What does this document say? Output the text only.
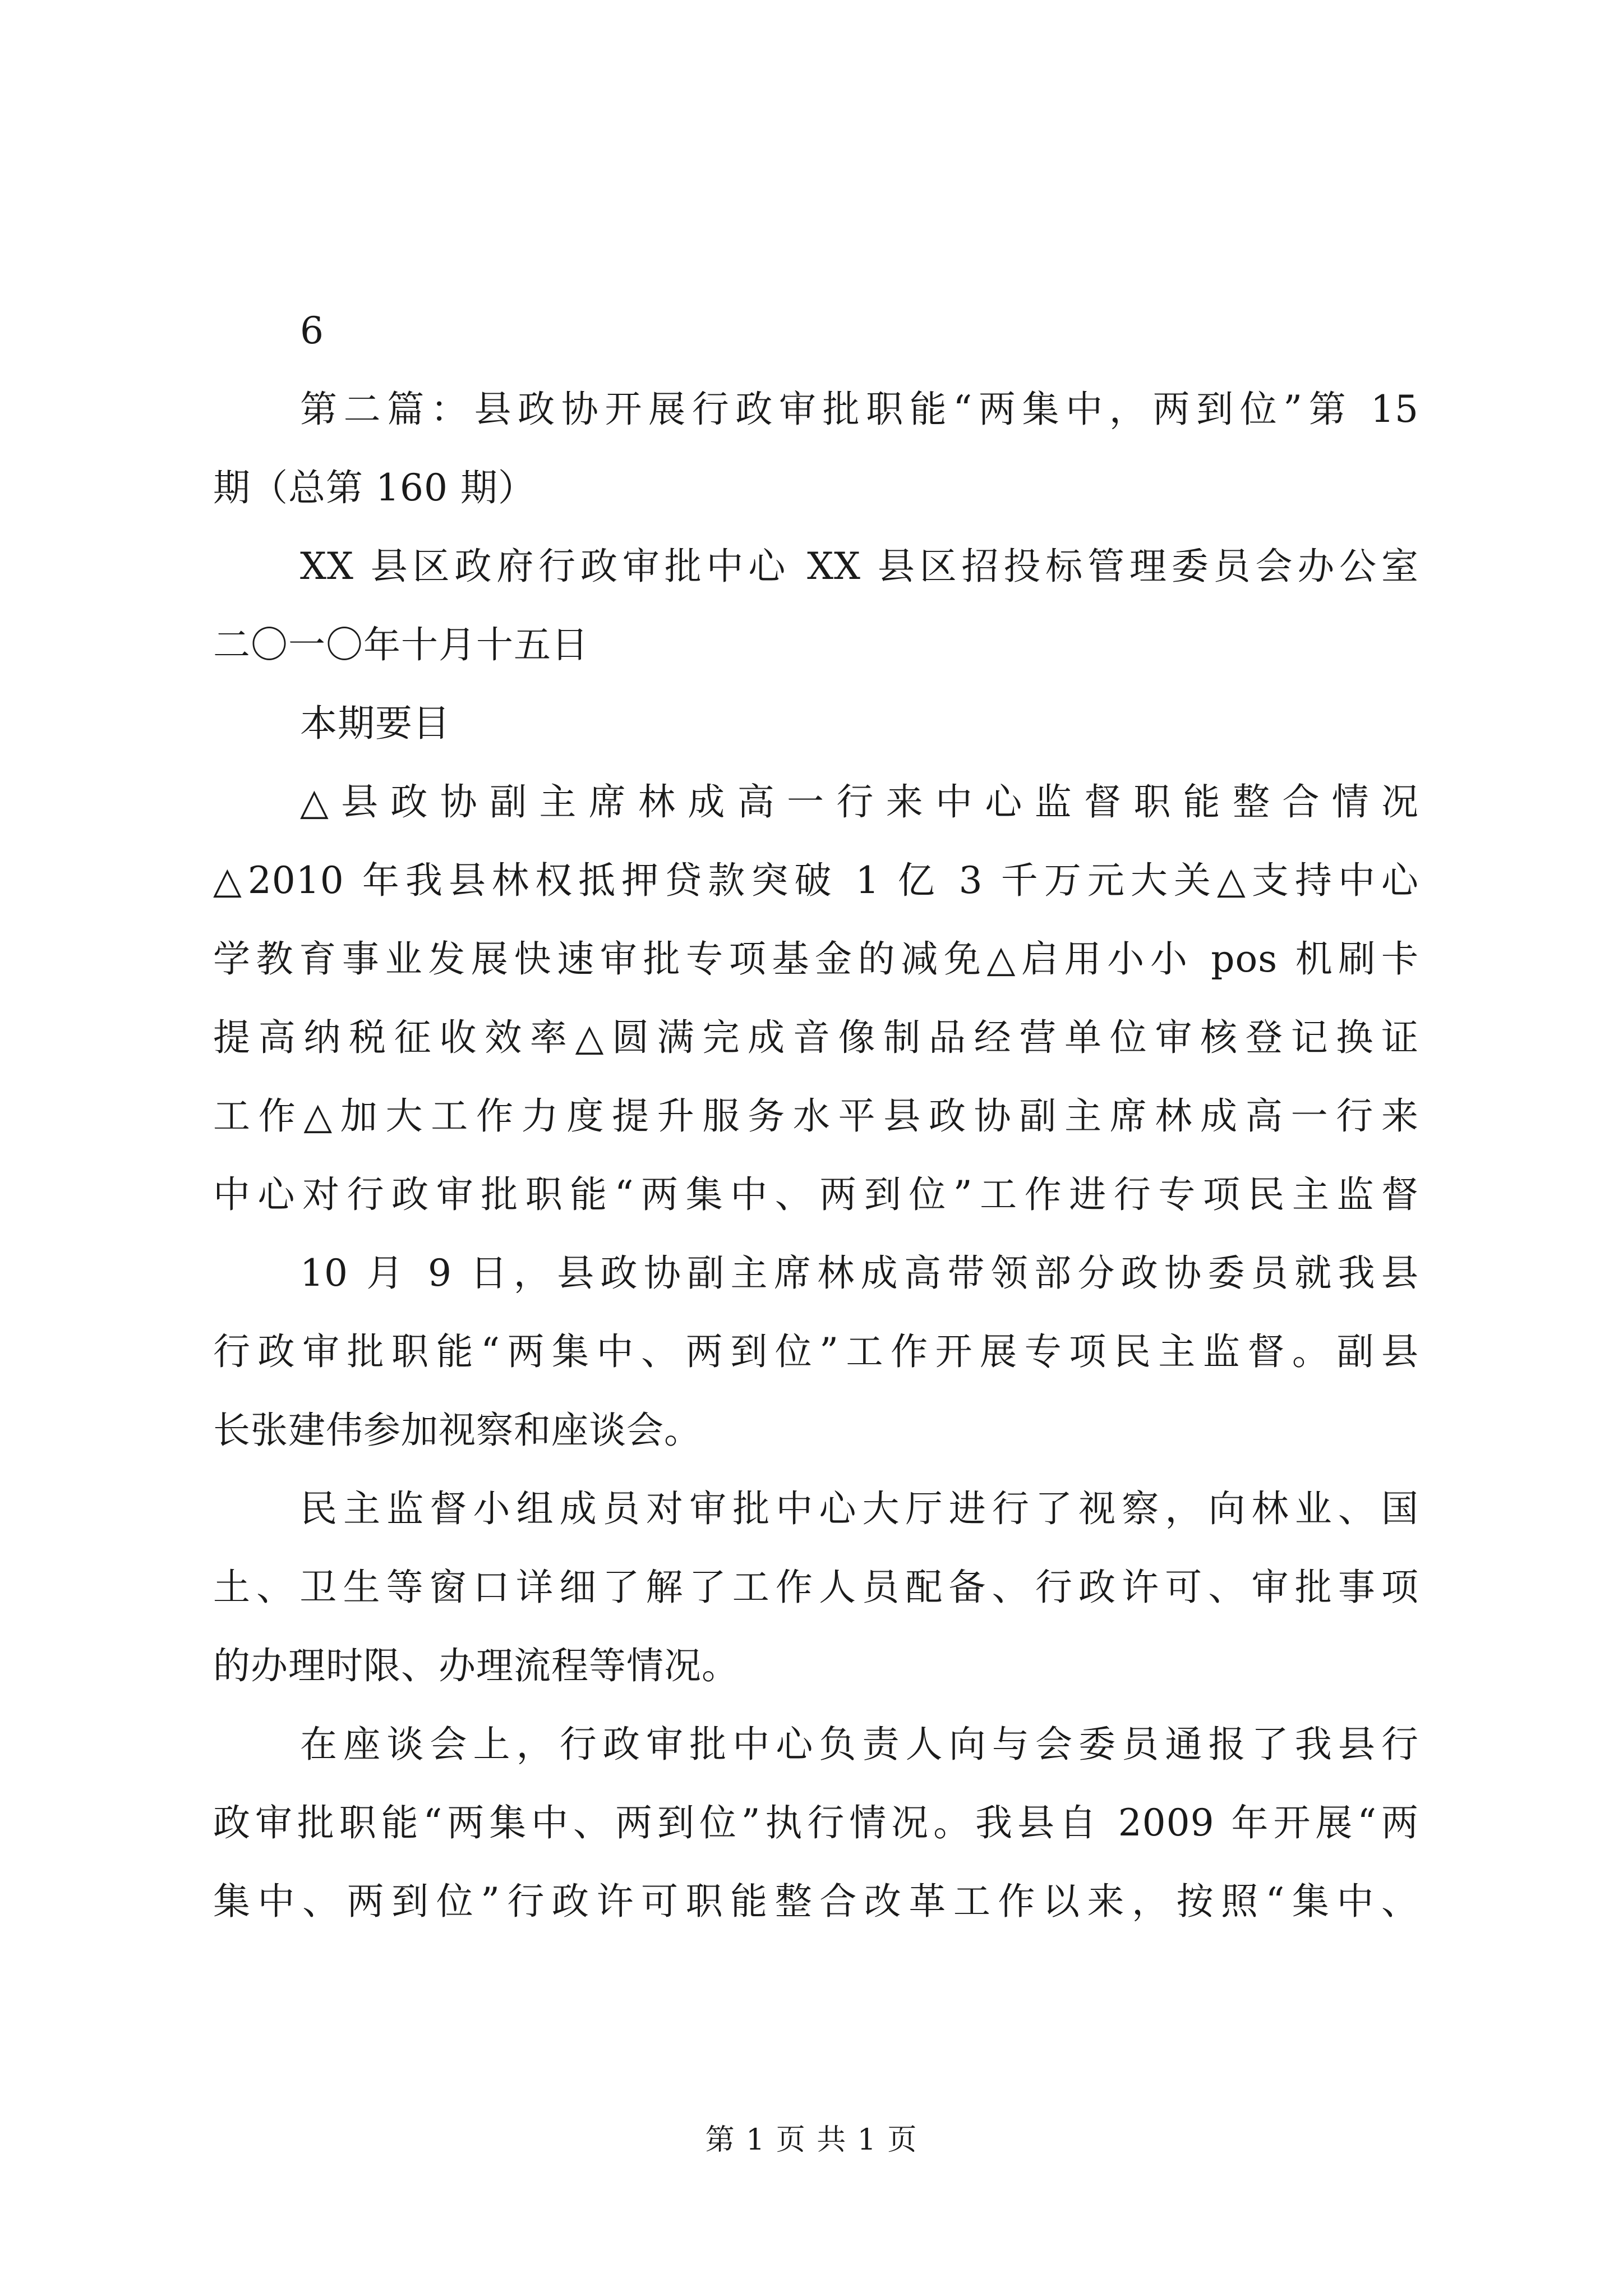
6
第二篇：县政协开展行政审批职能“两集中，两到位”第 15
期（总第 160 期）
XX 县区政府行政审批中心 XX 县区招投标管理委员会办公室
二〇一〇年十月十五日
本期要目
△县政协副主席林成高一行来中心监督职能整合情况
△2010 年我县林权抵押贷款突破 1 亿 3 千万元大关△支持中心
学教育事业发展快速审批专项基金的减免△启用小小 pos 机刷卡
提高纳税征收效率△圆满完成音像制品经营单位审核登记换证
工作△加大工作力度提升服务水平县政协副主席林成高一行来
中心对行政审批职能“两集中、两到位”工作进行专项民主监督
10 月 9 日，县政协副主席林成高带领部分政协委员就我县
行政审批职能“两集中、两到位”工作开展专项民主监督。副县
长张建伟参加视察和座谈会。
民主监督小组成员对审批中心大厅进行了视察，向林业、国
土、卫生等窗口详细了解了工作人员配备、行政许可、审批事项
的办理时限、办理流程等情况。
在座谈会上，行政审批中心负责人向与会委员通报了我县行
政审批职能“两集中、两到位”执行情况。我县自 2009 年开展“两
集中、两到位”行政许可职能整合改革工作以来，按照“集中、
第 1 页 共 1 页
